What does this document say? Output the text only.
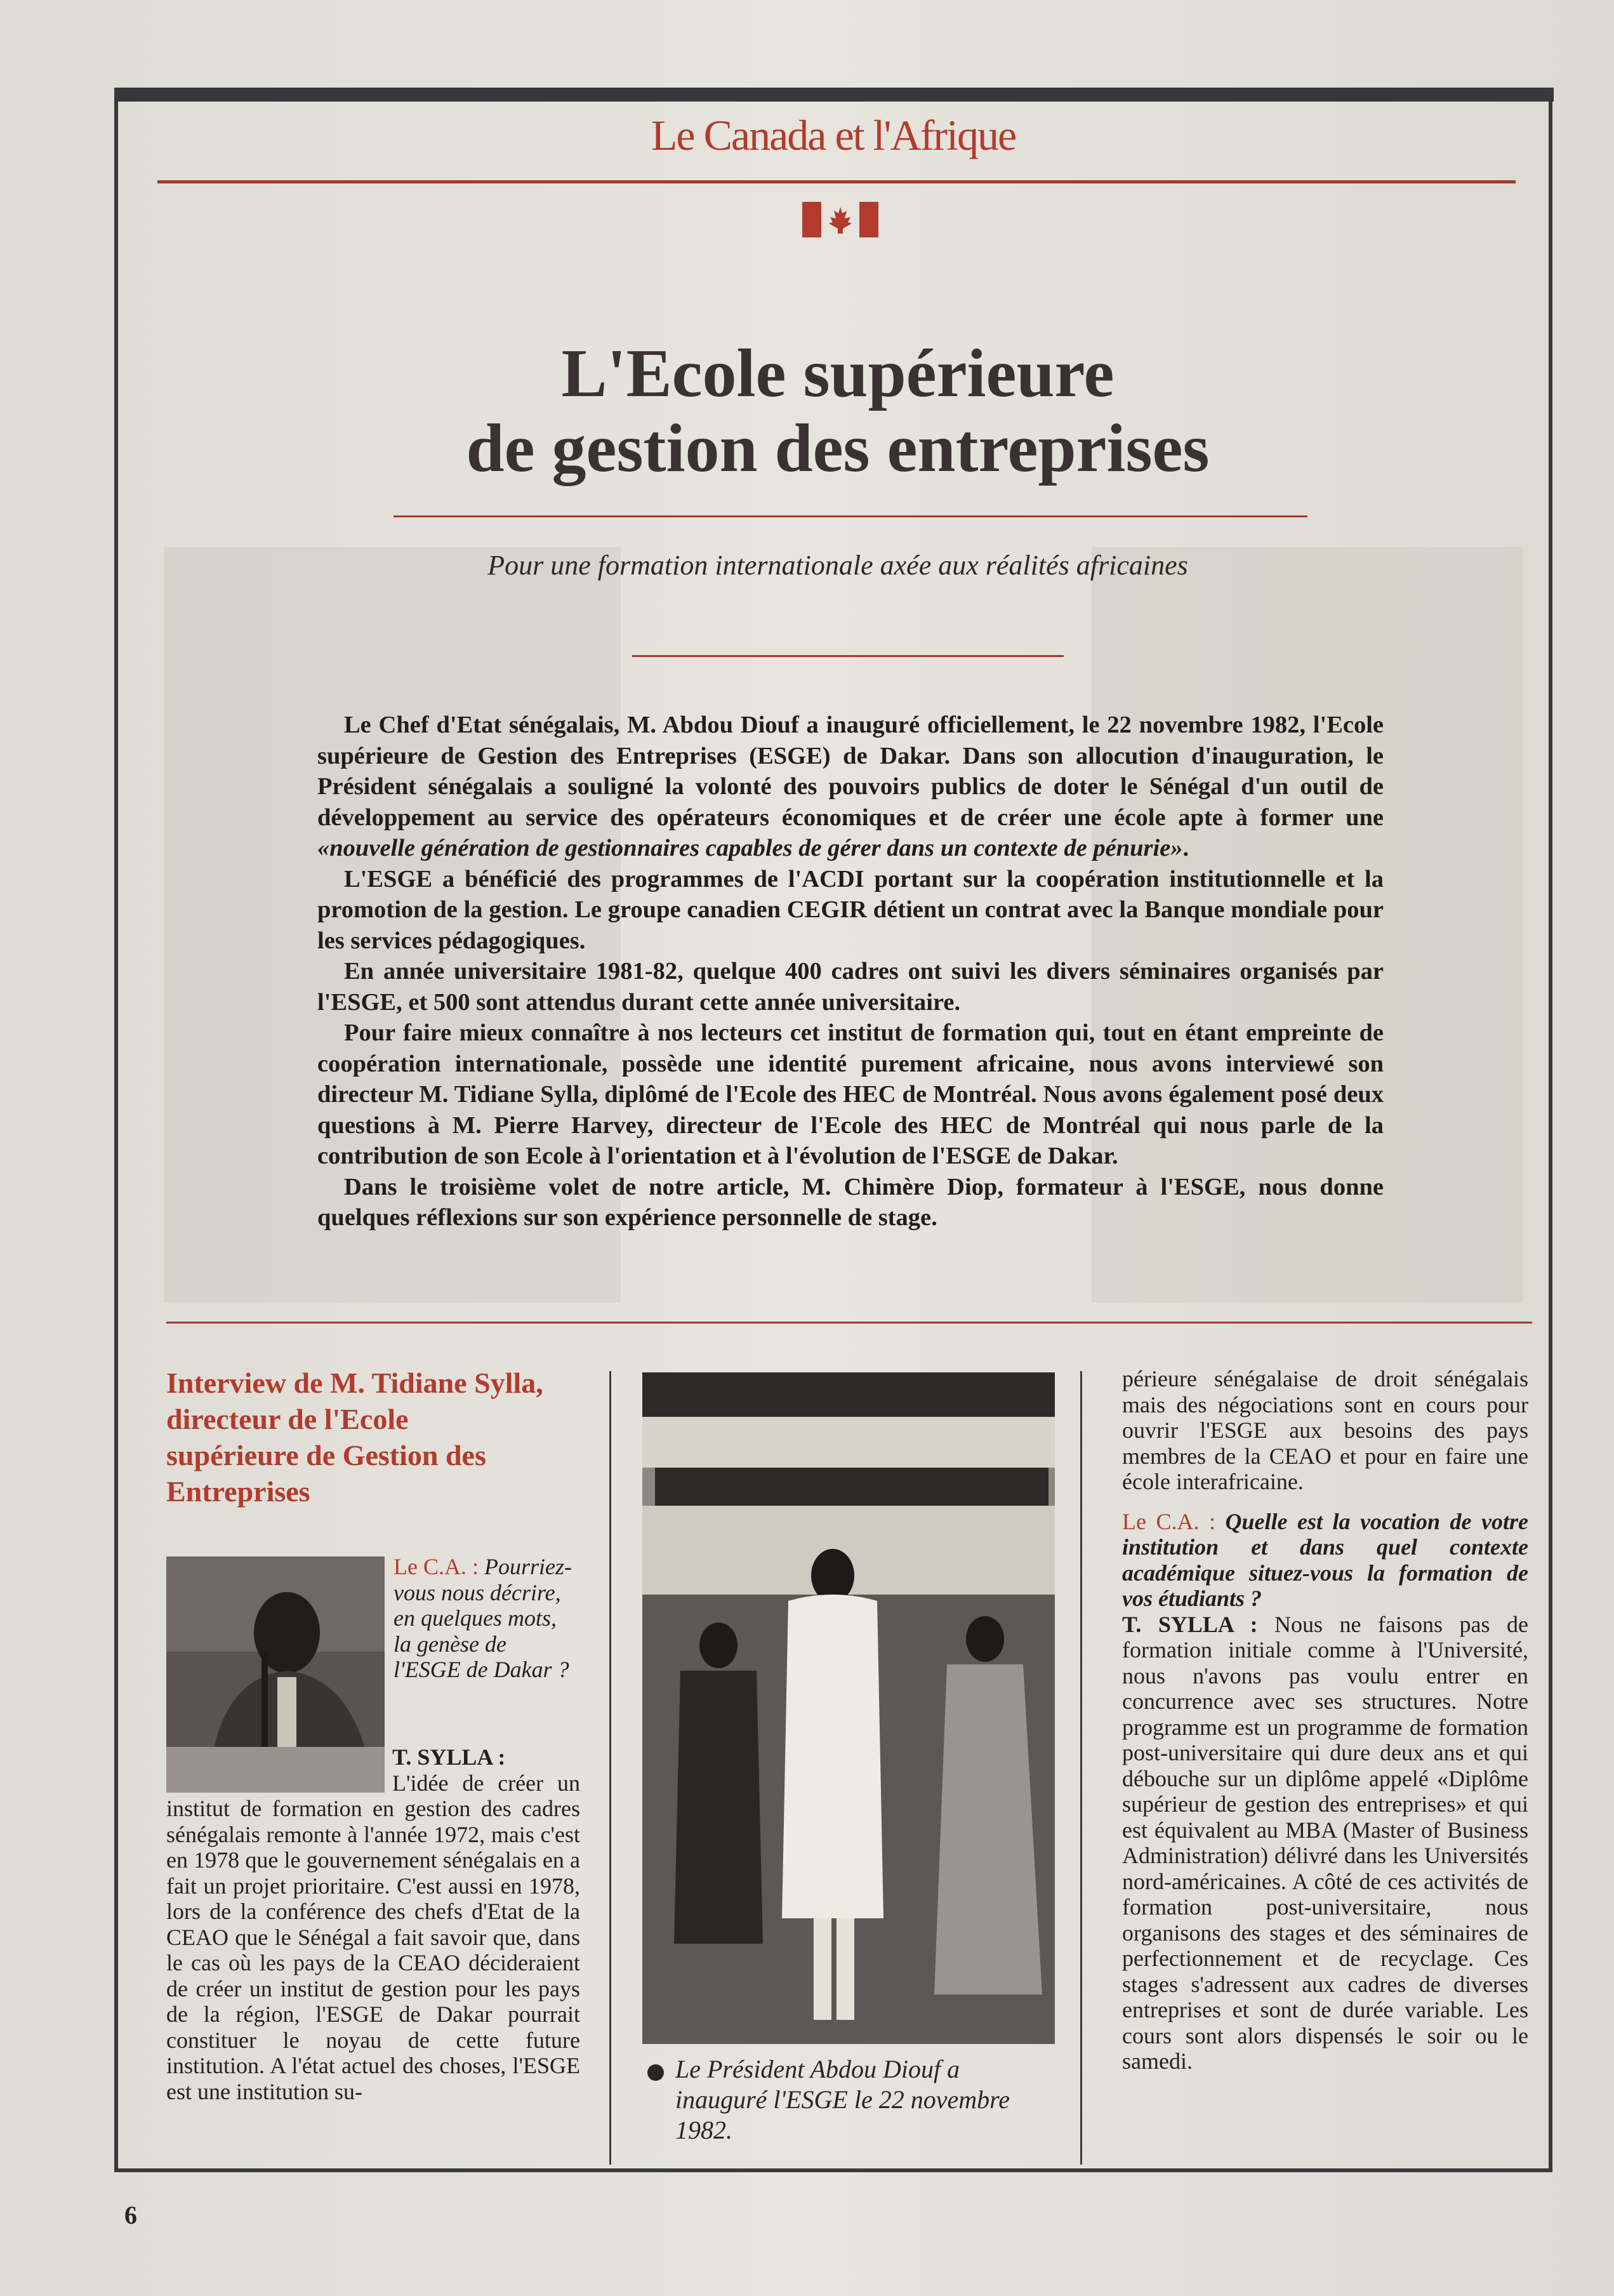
Le Canada et l'Afrique
L'Ecole supérieure
de gestion des entreprises
Pour une formation internationale axée aux réalités africaines

Le Chef d'Etat sénégalais, M. Abdou Diouf a inauguré officiellement, le 22 novembre 1982, l'Ecole supérieure de Gestion des Entreprises (ESGE) de Dakar. Dans son allocution d'inauguration, le Président sénégalais a souligné la volonté des pouvoirs publics de doter le Sénégal d'un outil de développement au service des opérateurs économiques et de créer une école apte à former une «nouvelle génération de gestionnaires capables de gérer dans un contexte de pénurie».

L'ESGE a bénéficié des programmes de l'ACDI portant sur la coopération institutionnelle et la promotion de la gestion. Le groupe canadien CEGIR détient un contrat avec la Banque mondiale pour les services pédagogiques.

En année universitaire 1981-82, quelque 400 cadres ont suivi les divers séminaires organisés par l'ESGE, et 500 sont attendus durant cette année universitaire.

Pour faire mieux connaître à nos lecteurs cet institut de formation qui, tout en étant empreinte de coopération internationale, possède une identité purement africaine, nous avons interviewé son directeur M. Tidiane Sylla, diplômé de l'Ecole des HEC de Montréal. Nous avons également posé deux questions à M. Pierre Harvey, directeur de l'Ecole des HEC de Montréal qui nous parle de la contribution de son Ecole à l'orientation et à l'évolution de l'ESGE de Dakar.

Dans le troisième volet de notre article, M. Chimère Diop, formateur à l'ESGE, nous donne quelques réflexions sur son expérience personnelle de stage.

Interview de M. Tidiane Sylla, directeur de l'Ecole supérieure de Gestion des Entreprises

Le C.A. : Pourriez-vous nous décrire, en quelques mots, la genèse de l'ESGE de Dakar ?

T. SYLLA :

L'idée de créer un institut de formation en gestion des cadres sénégalais remonte à l'année 1972, mais c'est en 1978 que le gouvernement sénégalais en a fait un projet prioritaire. C'est aussi en 1978, lors de la conférence des chefs d'Etat de la CEAO que le Sénégal a fait savoir que, dans le cas où les pays de la CEAO décideraient de créer un institut de gestion pour les pays de la région, l'ESGE de Dakar pourrait constituer le noyau de cette future institution. A l'état actuel des choses, l'ESGE est une institution su-

Le Président Abdou Diouf a inauguré l'ESGE le 22 novembre 1982.

périeure sénégalaise de droit sénégalais mais des négociations sont en cours pour ouvrir l'ESGE aux besoins des pays membres de la CEAO et pour en faire une école interafricaine.

Le C.A. : Quelle est la vocation de votre institution et dans quel contexte académique situez-vous la formation de vos étudiants ?

T. SYLLA : Nous ne faisons pas de formation initiale comme à l'Université, nous n'avons pas voulu entrer en concurrence avec ses structures. Notre programme est un programme de formation post-universitaire qui dure deux ans et qui débouche sur un diplôme appelé «Diplôme supérieur de gestion des entreprises» et qui est équivalent au MBA (Master of Business Administration) délivré dans les Universités nord-américaines. A côté de ces activités de formation post-universitaire, nous organisons des stages et des séminaires de perfectionnement et de recyclage. Ces stages s'adressent aux cadres de diverses entreprises et sont de durée variable. Les cours sont alors dispensés le soir ou le samedi.

6
